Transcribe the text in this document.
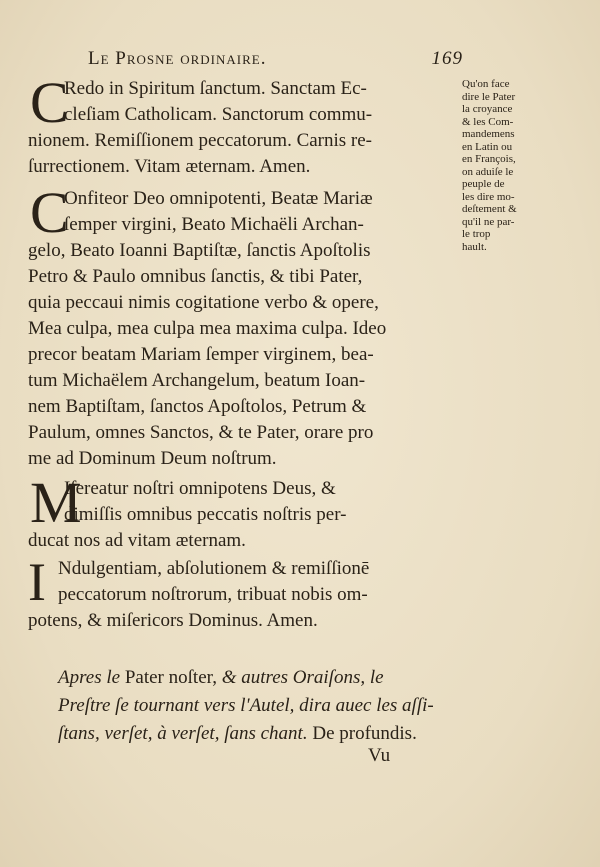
Le Prosne ordinaire.	169

C
Redo in Spiritum ſanctum. Sanctam Ec-
cleſiam Catholicam. Sanctorum commu-
nionem. Remiſſionem peccatorum. Carnis re-
ſurrectionem. Vitam æternam. Amen.

C
Onfiteor Deo omnipotenti, Beatæ Mariæ
ſemper virgini, Beato Michaëli Archan-
gelo, Beato Ioanni Baptiſtæ, ſanctis Apoſtolis
Petro & Paulo omnibus ſanctis, & tibi Pater,
quia peccaui nimis cogitatione verbo & opere,
Mea culpa, mea culpa mea maxima culpa. Ideo
precor beatam Mariam ſemper virginem, bea-
tum Michaëlem Archangelum, beatum Ioan-
nem Baptiſtam, ſanctos Apoſtolos, Petrum &
Paulum, omnes Sanctos, & te Pater, orare pro
me ad Dominum Deum noſtrum.

M
Iſereatur noſtri omnipotens Deus, &
dimiſſis omnibus peccatis noſtris per-
ducat nos ad vitam æternam.

I Ndulgentiam, abſolutionem & remiſſionē
peccatorum noſtrorum, tribuat nobis om-
potens, & miſericors Dominus. Amen.

Apres le Pater noſter, & autres Oraiſons, le
Preſtre ſe tournant vers l'Autel, dira auec les aſſi-
ſtans, verſet, à verſet, ſans chant. De profundis.
Vu
Qu'on face
dire le Pater
la croyance
& les Com-
mandemens
en Latin ou
en François,
on aduiſe le
peuple de
les dire mo-
deſtement &
qu'il ne par-
le trop
hault.
